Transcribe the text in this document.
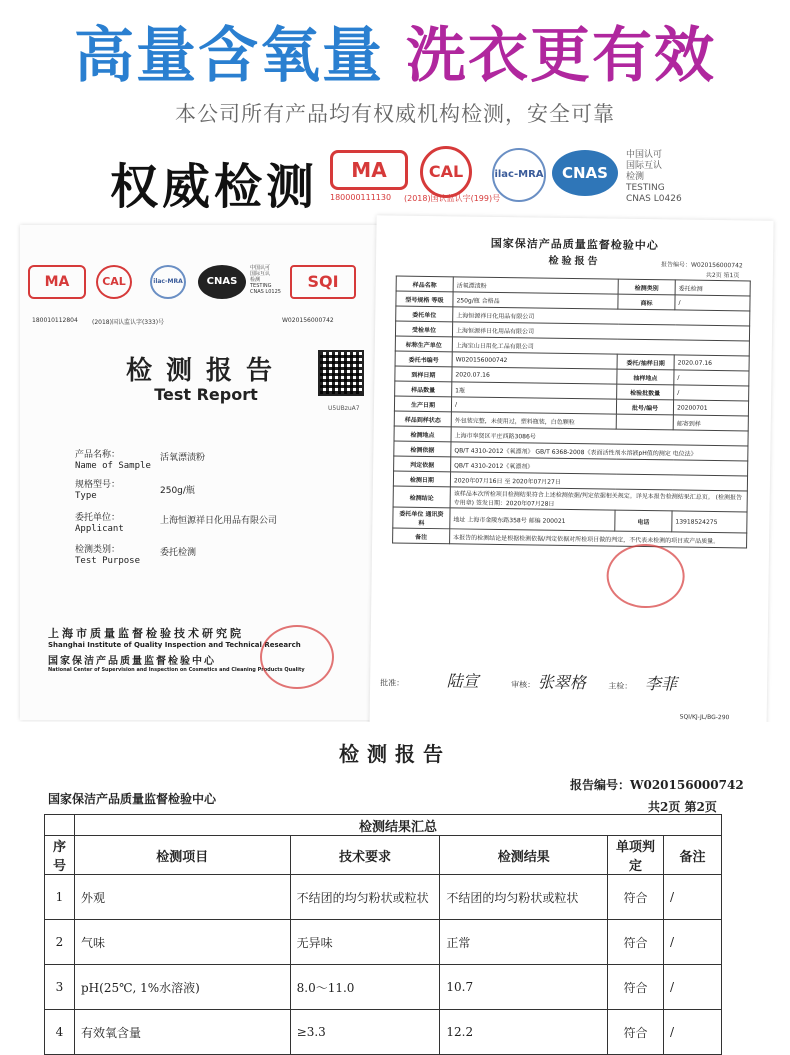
高量含氧量 洗衣更有效
本公司所有产品均有权威机构检测，安全可靠
权威检测	MA
180000111130
CAL
(2018)国认监认字(199)号
ilac-MRA	CNAS
中国认可
国际互认
检测
TESTING
CNAS L0426
MA	CAL	ilac-MRA	CNAS
中国认可
国际互认
检测
TESTING
CNAS L0125
SQI
180010112804 (2018)国认监认字(333)号	W020156000742
检测报告
Test Report
U5UBzuA7
产品名称：
Name of Sample
活氧漂渍粉
规格型号：
Type	250g/瓶
委托单位：
Applicant
上海恒源祥日化用品有限公司
检测类别：
Test Purpose
委托检测
上海市质量监督检验技术研究院
Shanghai Institute of Quality Inspection and Technical Research
国家保洁产品质量监督检验中心
National Center of Supervision and Inspection on Cosmetics and Cleaning Products Quality
国家保洁产品质量监督检验中心
检验报告	报告编号：W020156000742
共2页 第1页
样品名称	活氧漂渍粉	检测类别	委托检测
型号规格 等级	250g/瓶 合格品	商标	/
委托单位	上海恒源祥日化用品有限公司		
受检单位	上海恒源祥日化用品有限公司		
标称生产单位	上海宝山日用化工品有限公司		
委托书编号	W020156000742	委托/抽样日期	2020.07.16
到样日期	2020.07.16	抽样地点	/
样品数量	1瓶	检验批数量	/
生产日期	/	批号/编号	20200701
样品到样状态	外包装完整，未使用过，塑料瓶装，白色颗粒		邮寄到样
检测地点	上海市奉贤区平庄西路3086号		
检测依据	QB/T 4310-2012《氧漂剂》 GB/T 6368-2008《表面活性剂水溶液pH值的测定 电位法》		
判定依据	QB/T 4310-2012《氧漂剂》		
检测日期	2020年07月16日 至 2020年07月27日		
检测结论	该样品本次所检项目检测结果符合上述检测依据/判定依据相关规定。详见本报告检测结果汇总页。 (检测报告专用章) 签发日期：2020年07月28日		
委托单位 通讯资料	地址 上海市金陵东路358号 邮编 200021	电话	13918524275
备注	本报告的检测结论是根据检测依据/判定依据对所检项目做的判定，不代表未检测的项目或产品质量。		
批准：	陆宣	审核： 张翠格	主检： 李菲
SQI/KJ-JL/BG-290
检测报告
报告编号：W020156000742
国家保洁产品质量监督检验中心
共2页 第2页
	检测结果汇总				
序号	检测项目	技术要求	检测结果	单项判定	备注
1	外观	不结团的均匀粉状或粒状	不结团的均匀粉状或粒状	符合	/
2	气味	无异味	正常	符合	/
3	pH(25℃, 1%水溶液)	8.0～11.0	10.7	符合	/
4	有效氧含量	≥3.3	12.2	符合	/
